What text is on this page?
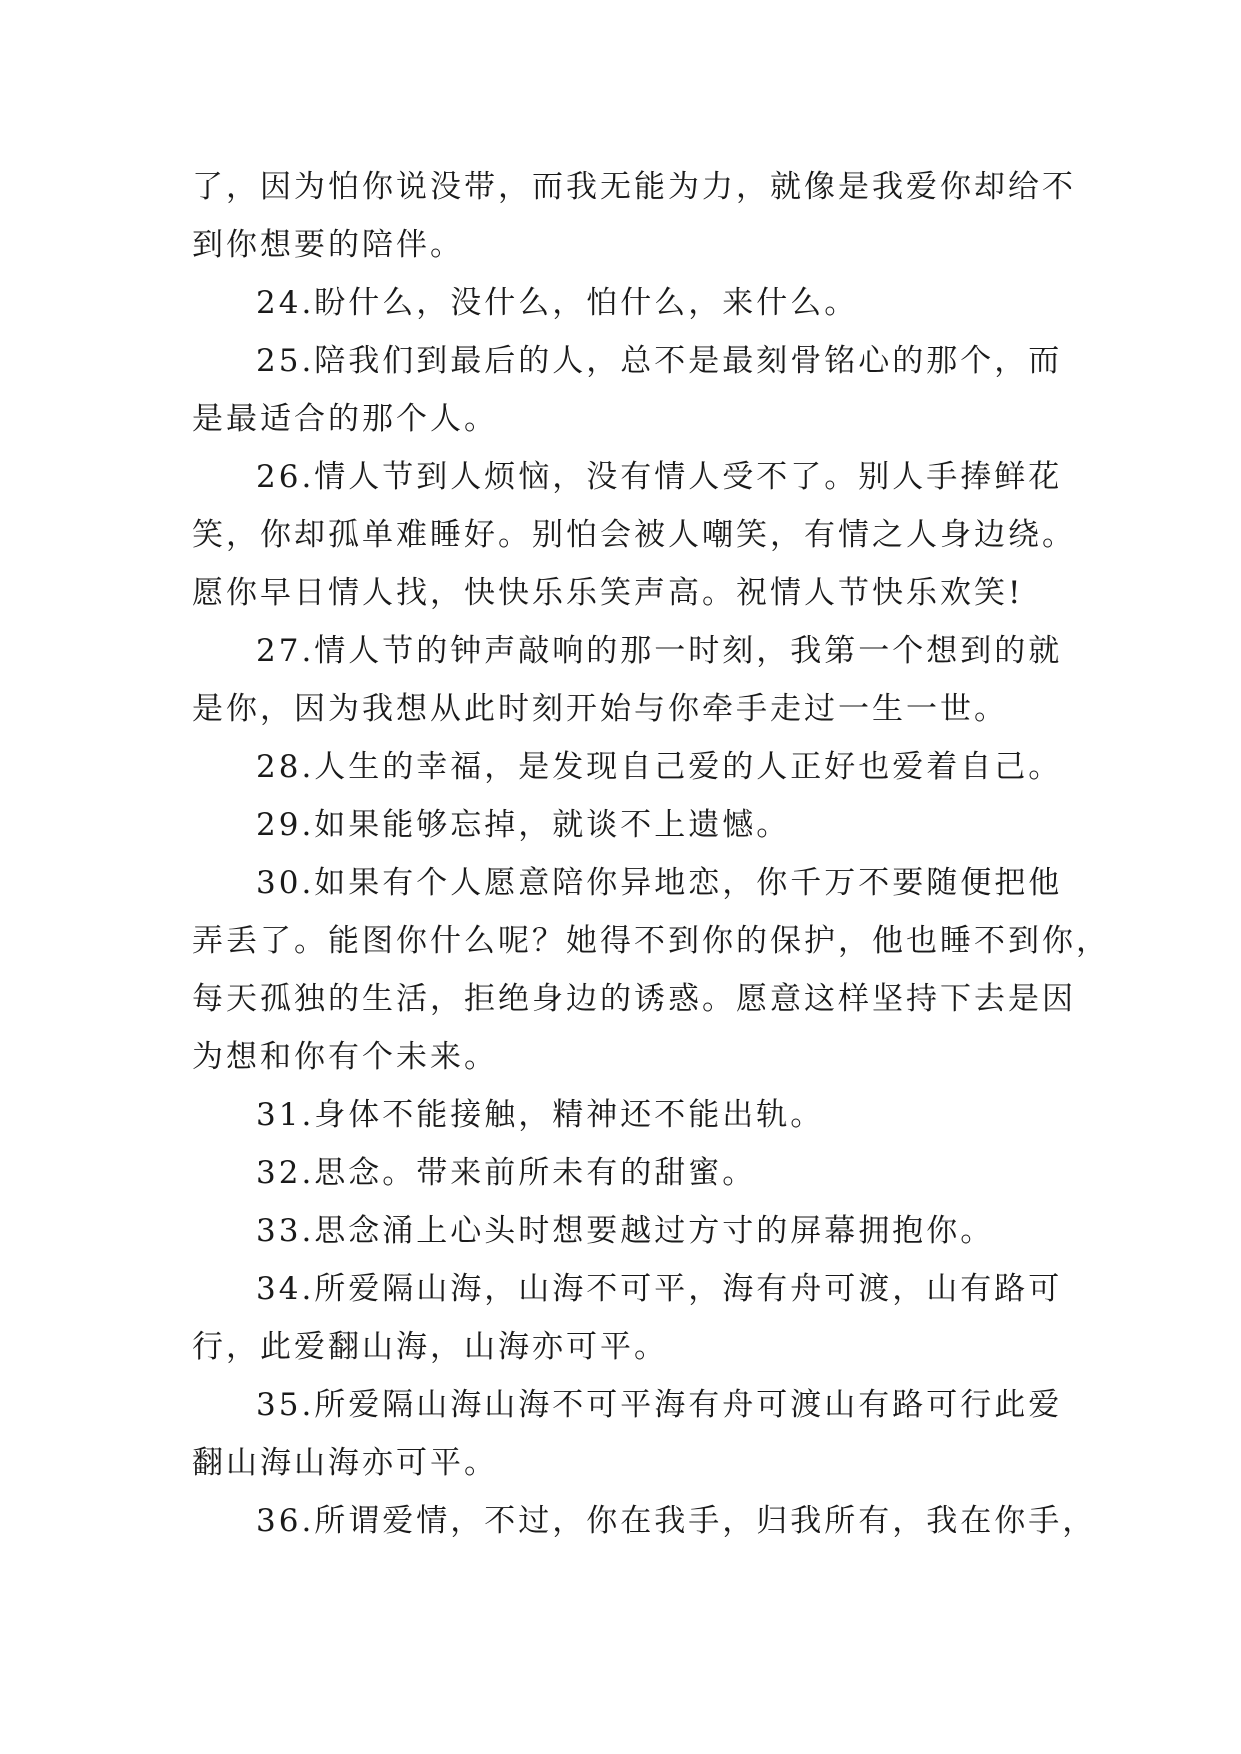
了，因为怕你说没带，而我无能为力，就像是我爱你却给不
到你想要的陪伴。

24.盼什么，没什么，怕什么，来什么。

25.陪我们到最后的人，总不是最刻骨铭心的那个，而
是最适合的那个人。

26.情人节到人烦恼，没有情人受不了。别人手捧鲜花
笑，你却孤单难睡好。别怕会被人嘲笑，有情之人身边绕。
愿你早日情人找，快快乐乐笑声高。祝情人节快乐欢笑!

27.情人节的钟声敲响的那一时刻，我第一个想到的就
是你，因为我想从此时刻开始与你牵手走过一生一世。

28.人生的幸福，是发现自己爱的人正好也爱着自己。

29.如果能够忘掉，就谈不上遗憾。

30.如果有个人愿意陪你异地恋，你千万不要随便把他
弄丢了。能图你什么呢？她得不到你的保护，他也睡不到你，
每天孤独的生活，拒绝身边的诱惑。愿意这样坚持下去是因
为想和你有个未来。

31.身体不能接触，精神还不能出轨。

32.思念。带来前所未有的甜蜜。

33.思念涌上心头时想要越过方寸的屏幕拥抱你。

34.所爱隔山海，山海不可平，海有舟可渡，山有路可
行，此爱翻山海，山海亦可平。

35.所爱隔山海山海不可平海有舟可渡山有路可行此爱
翻山海山海亦可平。

36.所谓爱情，不过，你在我手，归我所有，我在你手，
